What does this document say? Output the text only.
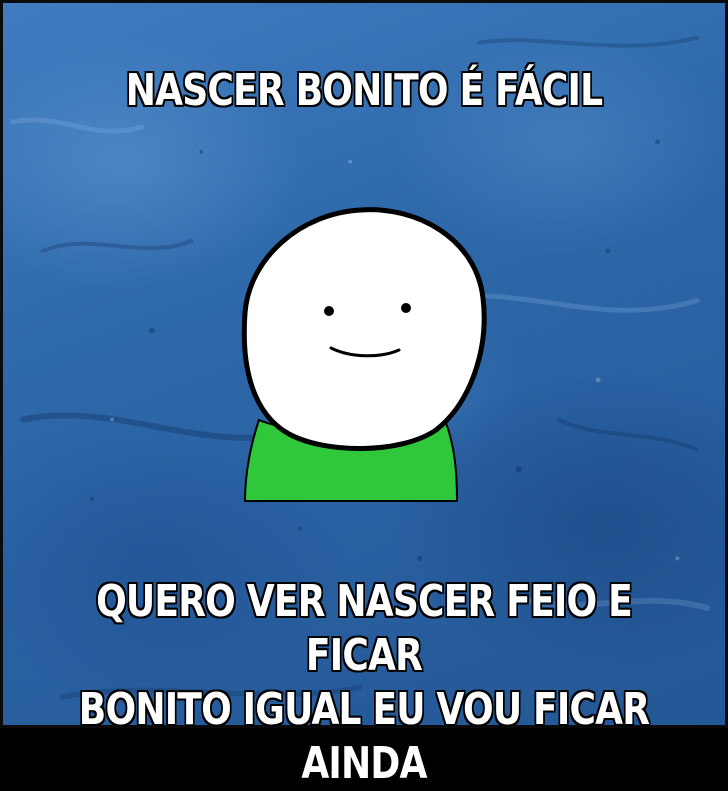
NASCER BONITO É FÁCIL
QUERO VER NASCER FEIO E FICAR
BONITO IGUAL EU VOU FICAR AINDA
